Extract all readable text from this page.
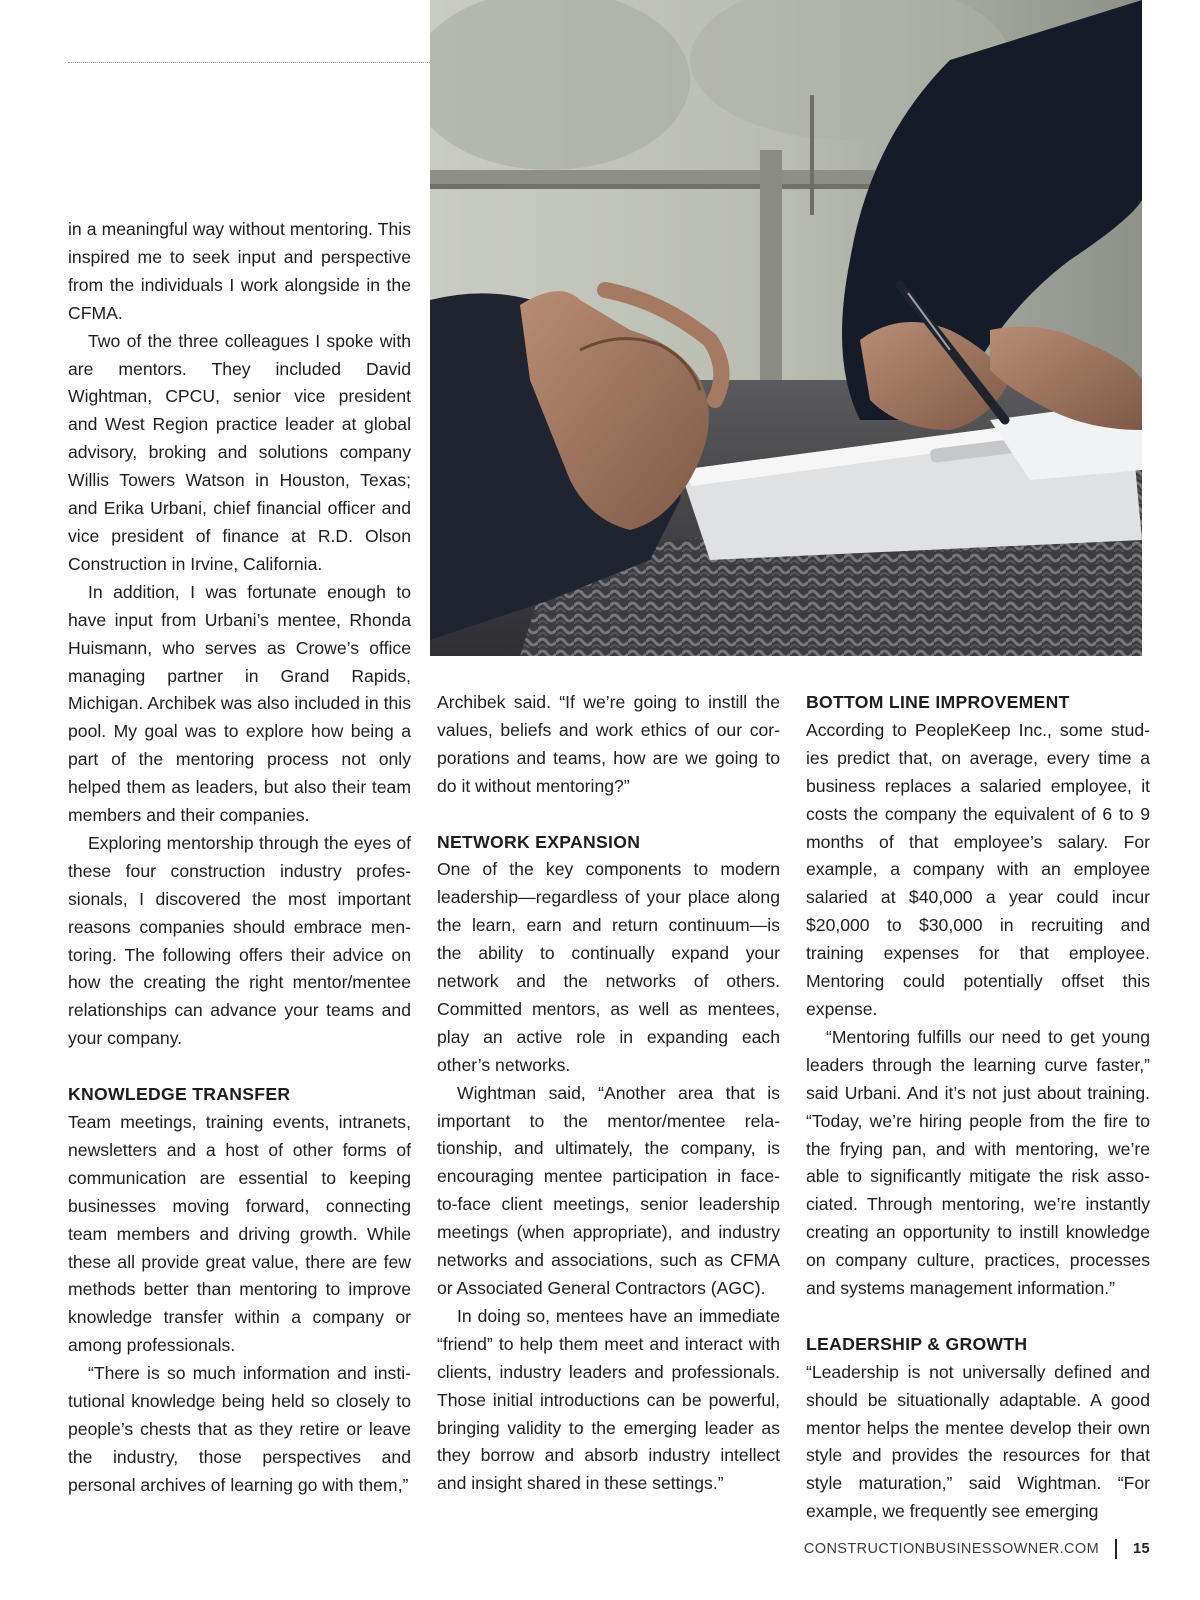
in a meaningful way without mentoring. This inspired me to seek input and perspective from the individuals I work alongside in the CFMA.

Two of the three colleagues I spoke with are mentors. They included David Wightman, CPCU, senior vice president and West Region practice leader at global advisory, broking and solutions company Willis Towers Watson in Houston, Texas; and Erika Urbani, chief financial officer and vice president of finance at R.D. Olson Construction in Irvine, California.

In addition, I was fortunate enough to have input from Urbani’s mentee, Rhonda Huismann, who serves as Crowe’s office managing partner in Grand Rapids, Michigan. Archibek was also included in this pool. My goal was to explore how being a part of the mentoring process not only helped them as leaders, but also their team members and their companies.

Exploring mentorship through the eyes of these four construction industry professionals, I discovered the most important reasons companies should embrace mentoring. The following offers their advice on how the creating the right mentor/mentee relationships can advance your teams and your company.

KNOWLEDGE TRANSFER

Team meetings, training events, intranets, newsletters and a host of other forms of communication are essential to keeping businesses moving forward, connecting team members and driving growth. While these all provide great value, there are few methods better than mentoring to improve knowledge transfer within a company or among professionals.

“There is so much information and institutional knowledge being held so closely to people’s chests that as they retire or leave the industry, those perspectives and personal archives of learning go with them,”

Archibek said. “If we’re going to instill the values, beliefs and work ethics of our corporations and teams, how are we going to do it without mentoring?”

NETWORK EXPANSION

One of the key components to modern leadership—regardless of your place along the learn, earn and return continuum—is the ability to continually expand your network and the networks of others. Committed mentors, as well as mentees, play an active role in expanding each other’s networks.

Wightman said, “Another area that is important to the mentor/mentee relationship, and ultimately, the company, is encouraging mentee participation in face-to-face client meetings, senior leadership meetings (when appropriate), and industry networks and associations, such as CFMA or Associated General Contractors (AGC).

In doing so, mentees have an immediate “friend” to help them meet and interact with clients, industry leaders and professionals. Those initial introductions can be powerful, bringing validity to the emerging leader as they borrow and absorb industry intellect and insight shared in these settings.”

BOTTOM LINE IMPROVEMENT

According to PeopleKeep Inc., some studies predict that, on average, every time a business replaces a salaried employee, it costs the company the equivalent of 6 to 9 months of that employee’s salary. For example, a company with an employee salaried at $40,000 a year could incur $20,000 to $30,000 in recruiting and training expenses for that employee. Mentoring could potentially offset this expense.

“Mentoring fulfills our need to get young leaders through the learning curve faster,” said Urbani. And it’s not just about training. “Today, we’re hiring people from the fire to the frying pan, and with mentoring, we’re able to significantly mitigate the risk associated. Through mentoring, we’re instantly creating an opportunity to instill knowledge on company culture, practices, processes and systems management information.”

LEADERSHIP & GROWTH

“Leadership is not universally defined and should be situationally adaptable. A good mentor helps the mentee develop their own style and provides the resources for that style maturation,” said Wightman. “For example, we frequently see emerging

CONSTRUCTIONBUSINESSOWNER.COM 15
